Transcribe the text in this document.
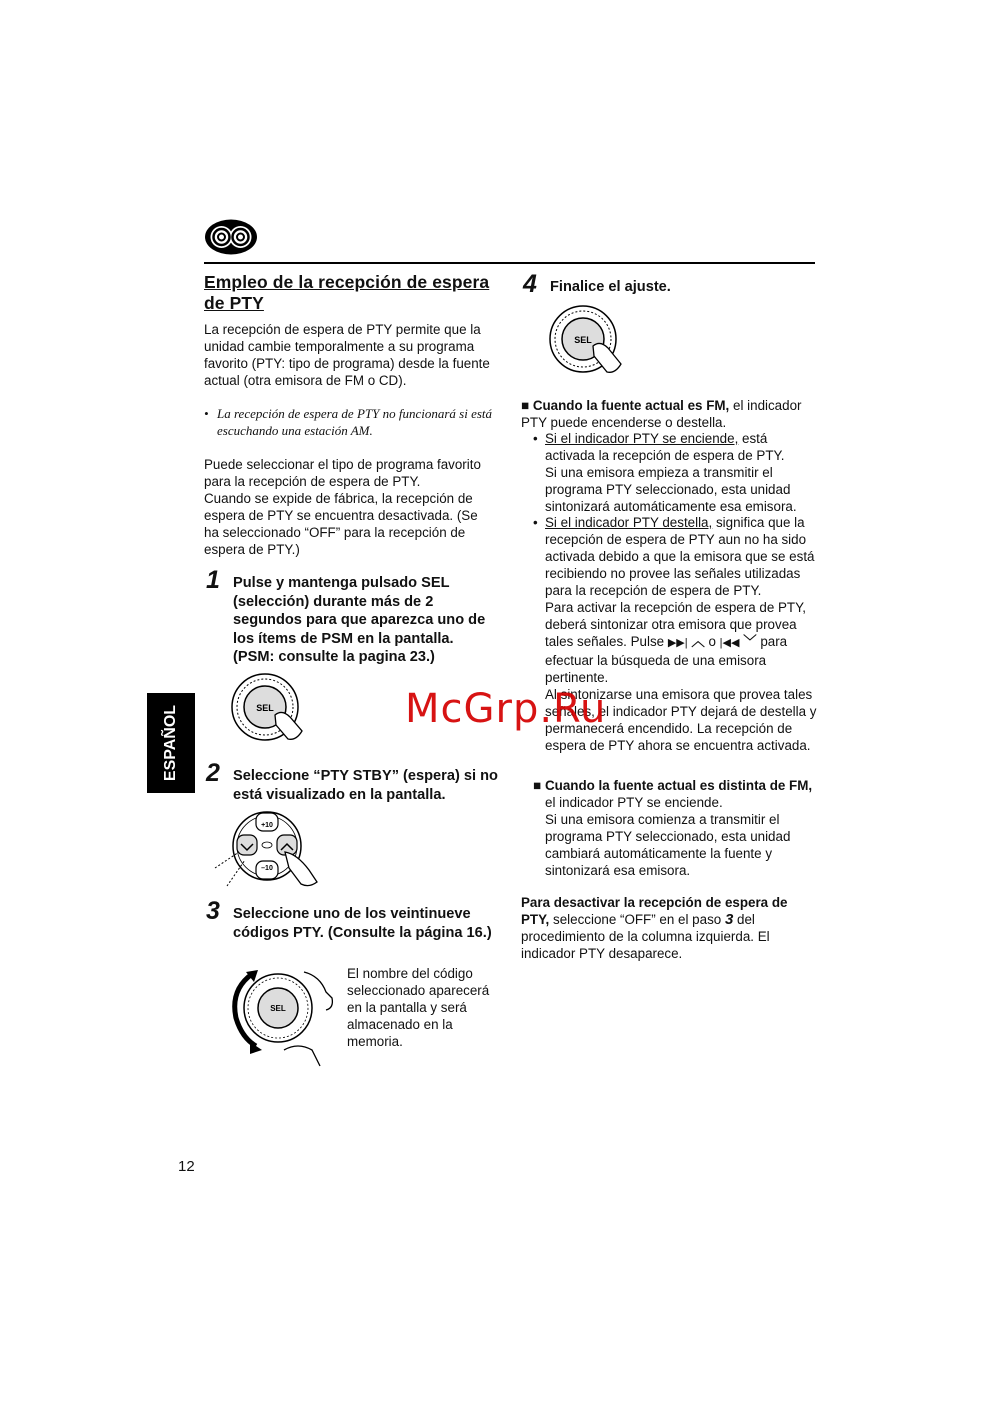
Empleo de la recepción de espera de PTY

La recepción de espera de PTY permite que la unidad cambie temporalmente a su programa favorito (PTY: tipo de programa) desde la fuente actual (otra emisora de FM o CD).

• La recepción de espera de PTY no funcionará si está escuchando una estación AM.

Puede seleccionar el tipo de programa favorito para la recepción de espera de PTY.

Cuando se expide de fábrica, la recepción de espera de PTY se encuentra desactivada. (Se ha seleccionado “OFF” para la recepción de espera de PTY.)

1 Pulse y mantenga pulsado SEL (selección) durante más de 2 segundos para que aparezca uno de los ítems de PSM en la pantalla. (PSM: consulte la pagina 23.)
SEL
2 Seleccione “PTY STBY” (espera) si no está visualizado en la pantalla.
+10
–10
3 Seleccione uno de los veintinueve códigos PTY. (Consulte la página 16.)
SEL

El nombre del código seleccionado aparecerá en la pantalla y será almacenado en la memoria.

ESPAÑOL
12
4 Finalice el ajuste.
SEL

■ Cuando la fuente actual es FM, el indicador PTY puede encenderse o destella.

• Si el indicador PTY se enciende, está activada la recepción de espera de PTY.

Si una emisora empieza a transmitir el programa PTY seleccionado, esta unidad sintonizará automáticamente esa emisora.

• Si el indicador PTY destella, significa que la recepción de espera de PTY aun no ha sido activada debido a que la emisora que se está recibiendo no provee las señales utilizadas para la recepción de espera de PTY.

Para activar la recepción de espera de PTY, deberá sintonizar otra emisora que provea tales señales. Pulse ▶▶| ︿ o |◀◀ ﹀ para efectuar la búsqueda de una emisora pertinente.

Al sintonizarse una emisora que provea tales señales, el indicador PTY dejará de destella y permanecerá encendido. La recepción de espera de PTY ahora se encuentra activada.

■ Cuando la fuente actual es distinta de FM,

el indicador PTY se enciende.

Si una emisora comienza a transmitir el programa PTY seleccionado, esta unidad cambiará automáticamente la fuente y sintonizará esa emisora.

Para desactivar la recepción de espera de PTY, seleccione “OFF” en el paso 3 del procedimiento de la columna izquierda. El indicador PTY desaparece.

McGrp.Ru
